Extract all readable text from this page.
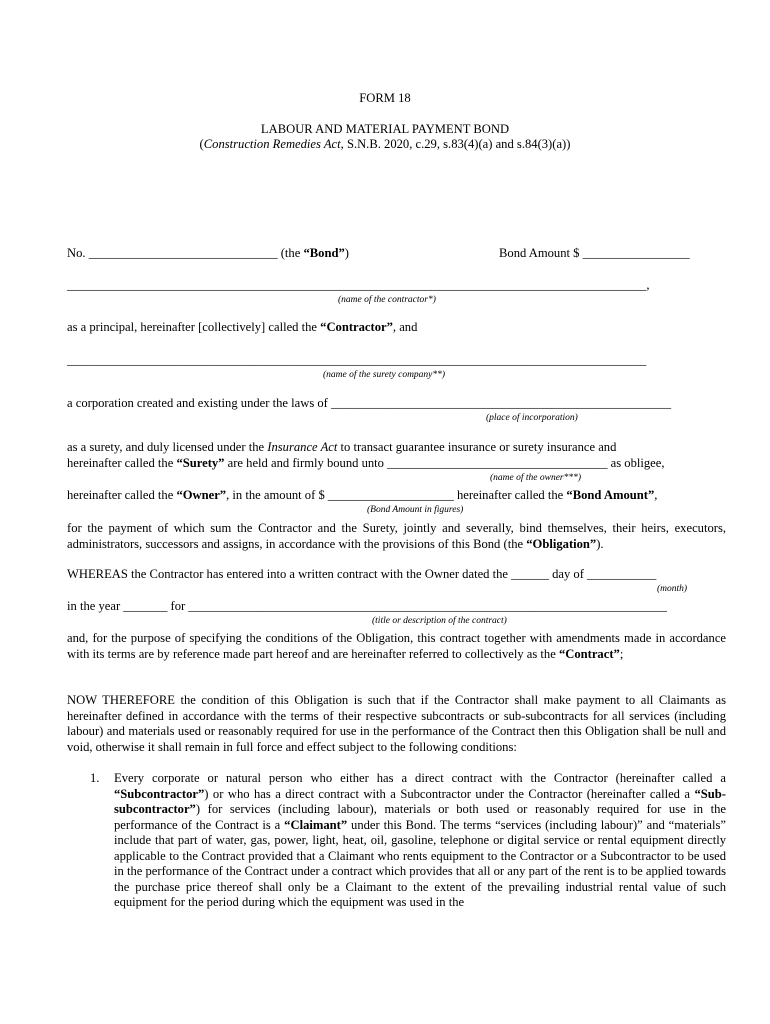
FORM 18
LABOUR AND MATERIAL PAYMENT BOND
(Construction Remedies Act, S.N.B. 2020, c.29, s.83(4)(a) and s.84(3)(a))
No. ______________________________ (the “Bond”)	Bond Amount $ _________________
____________________________________________________________________________________________,
(name of the contractor*)
as a principal, hereinafter [collectively] called the “Contractor”, and
____________________________________________________________________________________________
(name of the surety company**)
a corporation created and existing under the laws of ______________________________________________________
(place of incorporation)
as a surety, and duly licensed under the Insurance Act to transact guarantee insurance or surety insurance and
hereinafter called the “Surety” are held and firmly bound unto ___________________________________ as obligee,
(name of the owner***)
hereinafter called the “Owner”, in the amount of $ ____________________ hereinafter called the “Bond Amount”,
(Bond Amount in figures)
for the payment of which sum the Contractor and the Surety, jointly and severally, bind themselves, their heirs, executors, administrators, successors and assigns, in accordance with the provisions of this Bond (the “Obligation”).
WHEREAS the Contractor has entered into a written contract with the Owner dated the ______ day of ___________
(month)
in the year _______ for ____________________________________________________________________________
(title or description of the contract)
and, for the purpose of specifying the conditions of the Obligation, this contract together with amendments made in accordance with its terms are by reference made part hereof and are hereinafter referred to collectively as the “Contract”;
NOW THEREFORE the condition of this Obligation is such that if the Contractor shall make payment to all Claimants as hereinafter defined in accordance with the terms of their respective subcontracts or sub-subcontracts for all services (including labour) and materials used or reasonably required for use in the performance of the Contract then this Obligation shall be null and void, otherwise it shall remain in full force and effect subject to the following conditions:
1. Every corporate or natural person who either has a direct contract with the Contractor (hereinafter called a “Subcontractor”) or who has a direct contract with a Subcontractor under the Contractor (hereinafter called a “Sub-subcontractor”) for services (including labour), materials or both used or reasonably required for use in the performance of the Contract is a “Claimant” under this Bond. The terms “services (including labour)” and “materials” include that part of water, gas, power, light, heat, oil, gasoline, telephone or digital service or rental equipment directly applicable to the Contract provided that a Claimant who rents equipment to the Contractor or a Subcontractor to be used in the performance of the Contract under a contract which provides that all or any part of the rent is to be applied towards the purchase price thereof shall only be a Claimant to the extent of the prevailing industrial rental value of such equipment for the period during which the equipment was used in the
